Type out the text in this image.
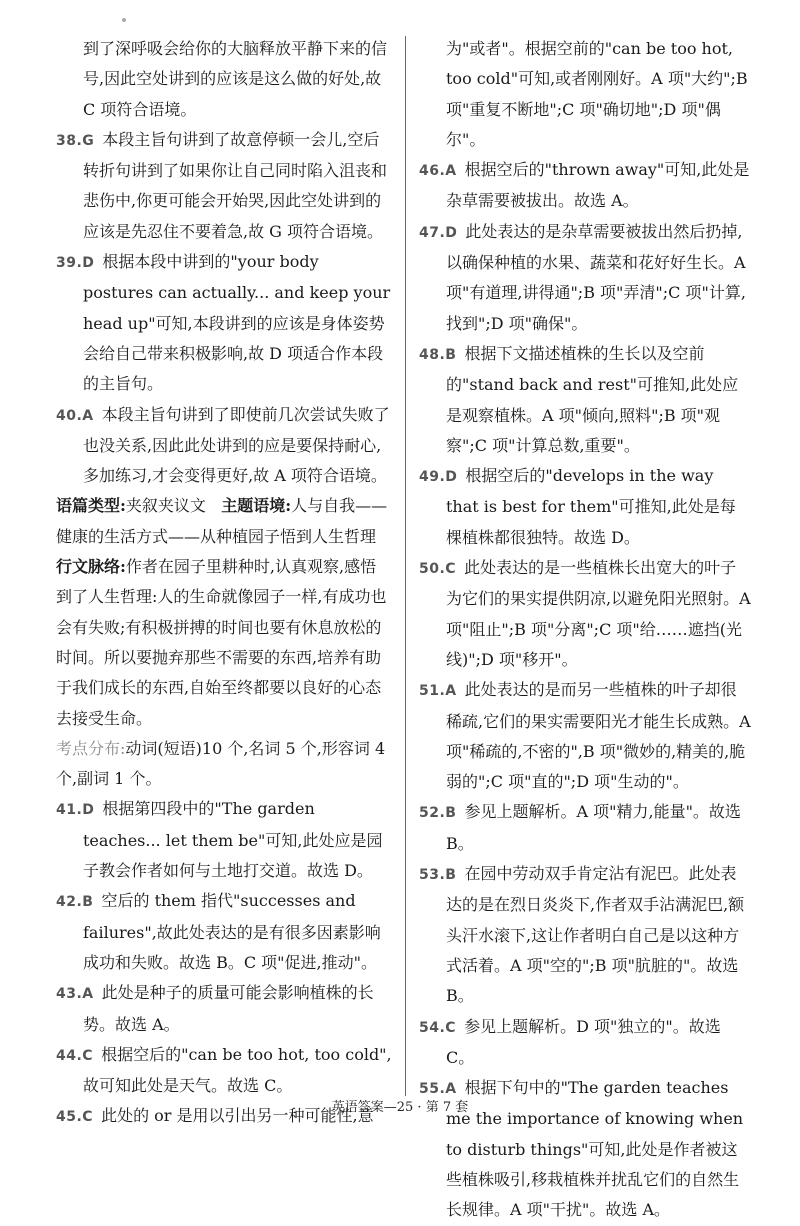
到了深呼吸会给你的大脑释放平静下来的信号,因此空处讲到的应该是这么做的好处,故 C 项符合语境。

38.G 本段主旨句讲到了故意停顿一会儿,空后转折句讲到了如果你让自己同时陷入沮丧和悲伤中,你更可能会开始哭,因此空处讲到的应该是先忍住不要着急,故 G 项符合语境。

39.D 根据本段中讲到的"your body postures can actually... and keep your head up"可知,本段讲到的应该是身体姿势会给自己带来积极影响,故 D 项适合作本段的主旨句。

40.A 本段主旨句讲到了即使前几次尝试失败了也没关系,因此此处讲到的应是要保持耐心,多加练习,才会变得更好,故 A 项符合语境。

语篇类型:夹叙夹议文 主题语境:人与自我——健康的生活方式——从种植园子悟到人生哲理

行文脉络:作者在园子里耕种时,认真观察,感悟到了人生哲理:人的生命就像园子一样,有成功也会有失败;有积极拼搏的时间也要有休息放松的时间。所以要抛弃那些不需要的东西,培养有助于我们成长的东西,自始至终都要以良好的心态去接受生命。

考点分布:动词(短语)10 个,名词 5 个,形容词 4 个,副词 1 个。

41.D 根据第四段中的"The garden teaches... let them be"可知,此处应是园子教会作者如何与土地打交道。故选 D。

42.B 空后的 them 指代"successes and failures",故此处表达的是有很多因素影响成功和失败。故选 B。C 项"促进,推动"。

43.A 此处是种子的质量可能会影响植株的长势。故选 A。

44.C 根据空后的"can be too hot, too cold",故可知此处是天气。故选 C。

45.C 此处的 or 是用以引出另一种可能性,意

为"或者"。根据空前的"can be too hot, too cold"可知,或者刚刚好。A 项"大约";B 项"重复不断地";C 项"确切地";D 项"偶尔"。

46.A 根据空后的"thrown away"可知,此处是杂草需要被拔出。故选 A。

47.D 此处表达的是杂草需要被拔出然后扔掉,以确保种植的水果、蔬菜和花好好生长。A 项"有道理,讲得通";B 项"弄清";C 项"计算,找到";D 项"确保"。

48.B 根据下文描述植株的生长以及空前的"stand back and rest"可推知,此处应是观察植株。A 项"倾向,照料";B 项"观察";C 项"计算总数,重要"。

49.D 根据空后的"develops in the way that is best for them"可推知,此处是每棵植株都很独特。故选 D。

50.C 此处表达的是一些植株长出宽大的叶子为它们的果实提供阴凉,以避免阳光照射。A 项"阻止";B 项"分离";C 项"给……遮挡(光线)";D 项"移开"。

51.A 此处表达的是而另一些植株的叶子却很稀疏,它们的果实需要阳光才能生长成熟。A 项"稀疏的,不密的",B 项"微妙的,精美的,脆弱的";C 项"直的";D 项"生动的"。

52.B 参见上题解析。A 项"精力,能量"。故选 B。

53.B 在园中劳动双手肯定沾有泥巴。此处表达的是在烈日炎炎下,作者双手沾满泥巴,额头汗水滚下,这让作者明白自己是以这种方式活着。A 项"空的";B 项"肮脏的"。故选 B。

54.C 参见上题解析。D 项"独立的"。故选 C。

55.A 根据下句中的"The garden teaches me the importance of knowing when to disturb things"可知,此处是作者被这些植株吸引,移栽植株并扰乱它们的自然生长规律。A 项"干扰"。故选 A。

英语答案—25 · 第 7 套
